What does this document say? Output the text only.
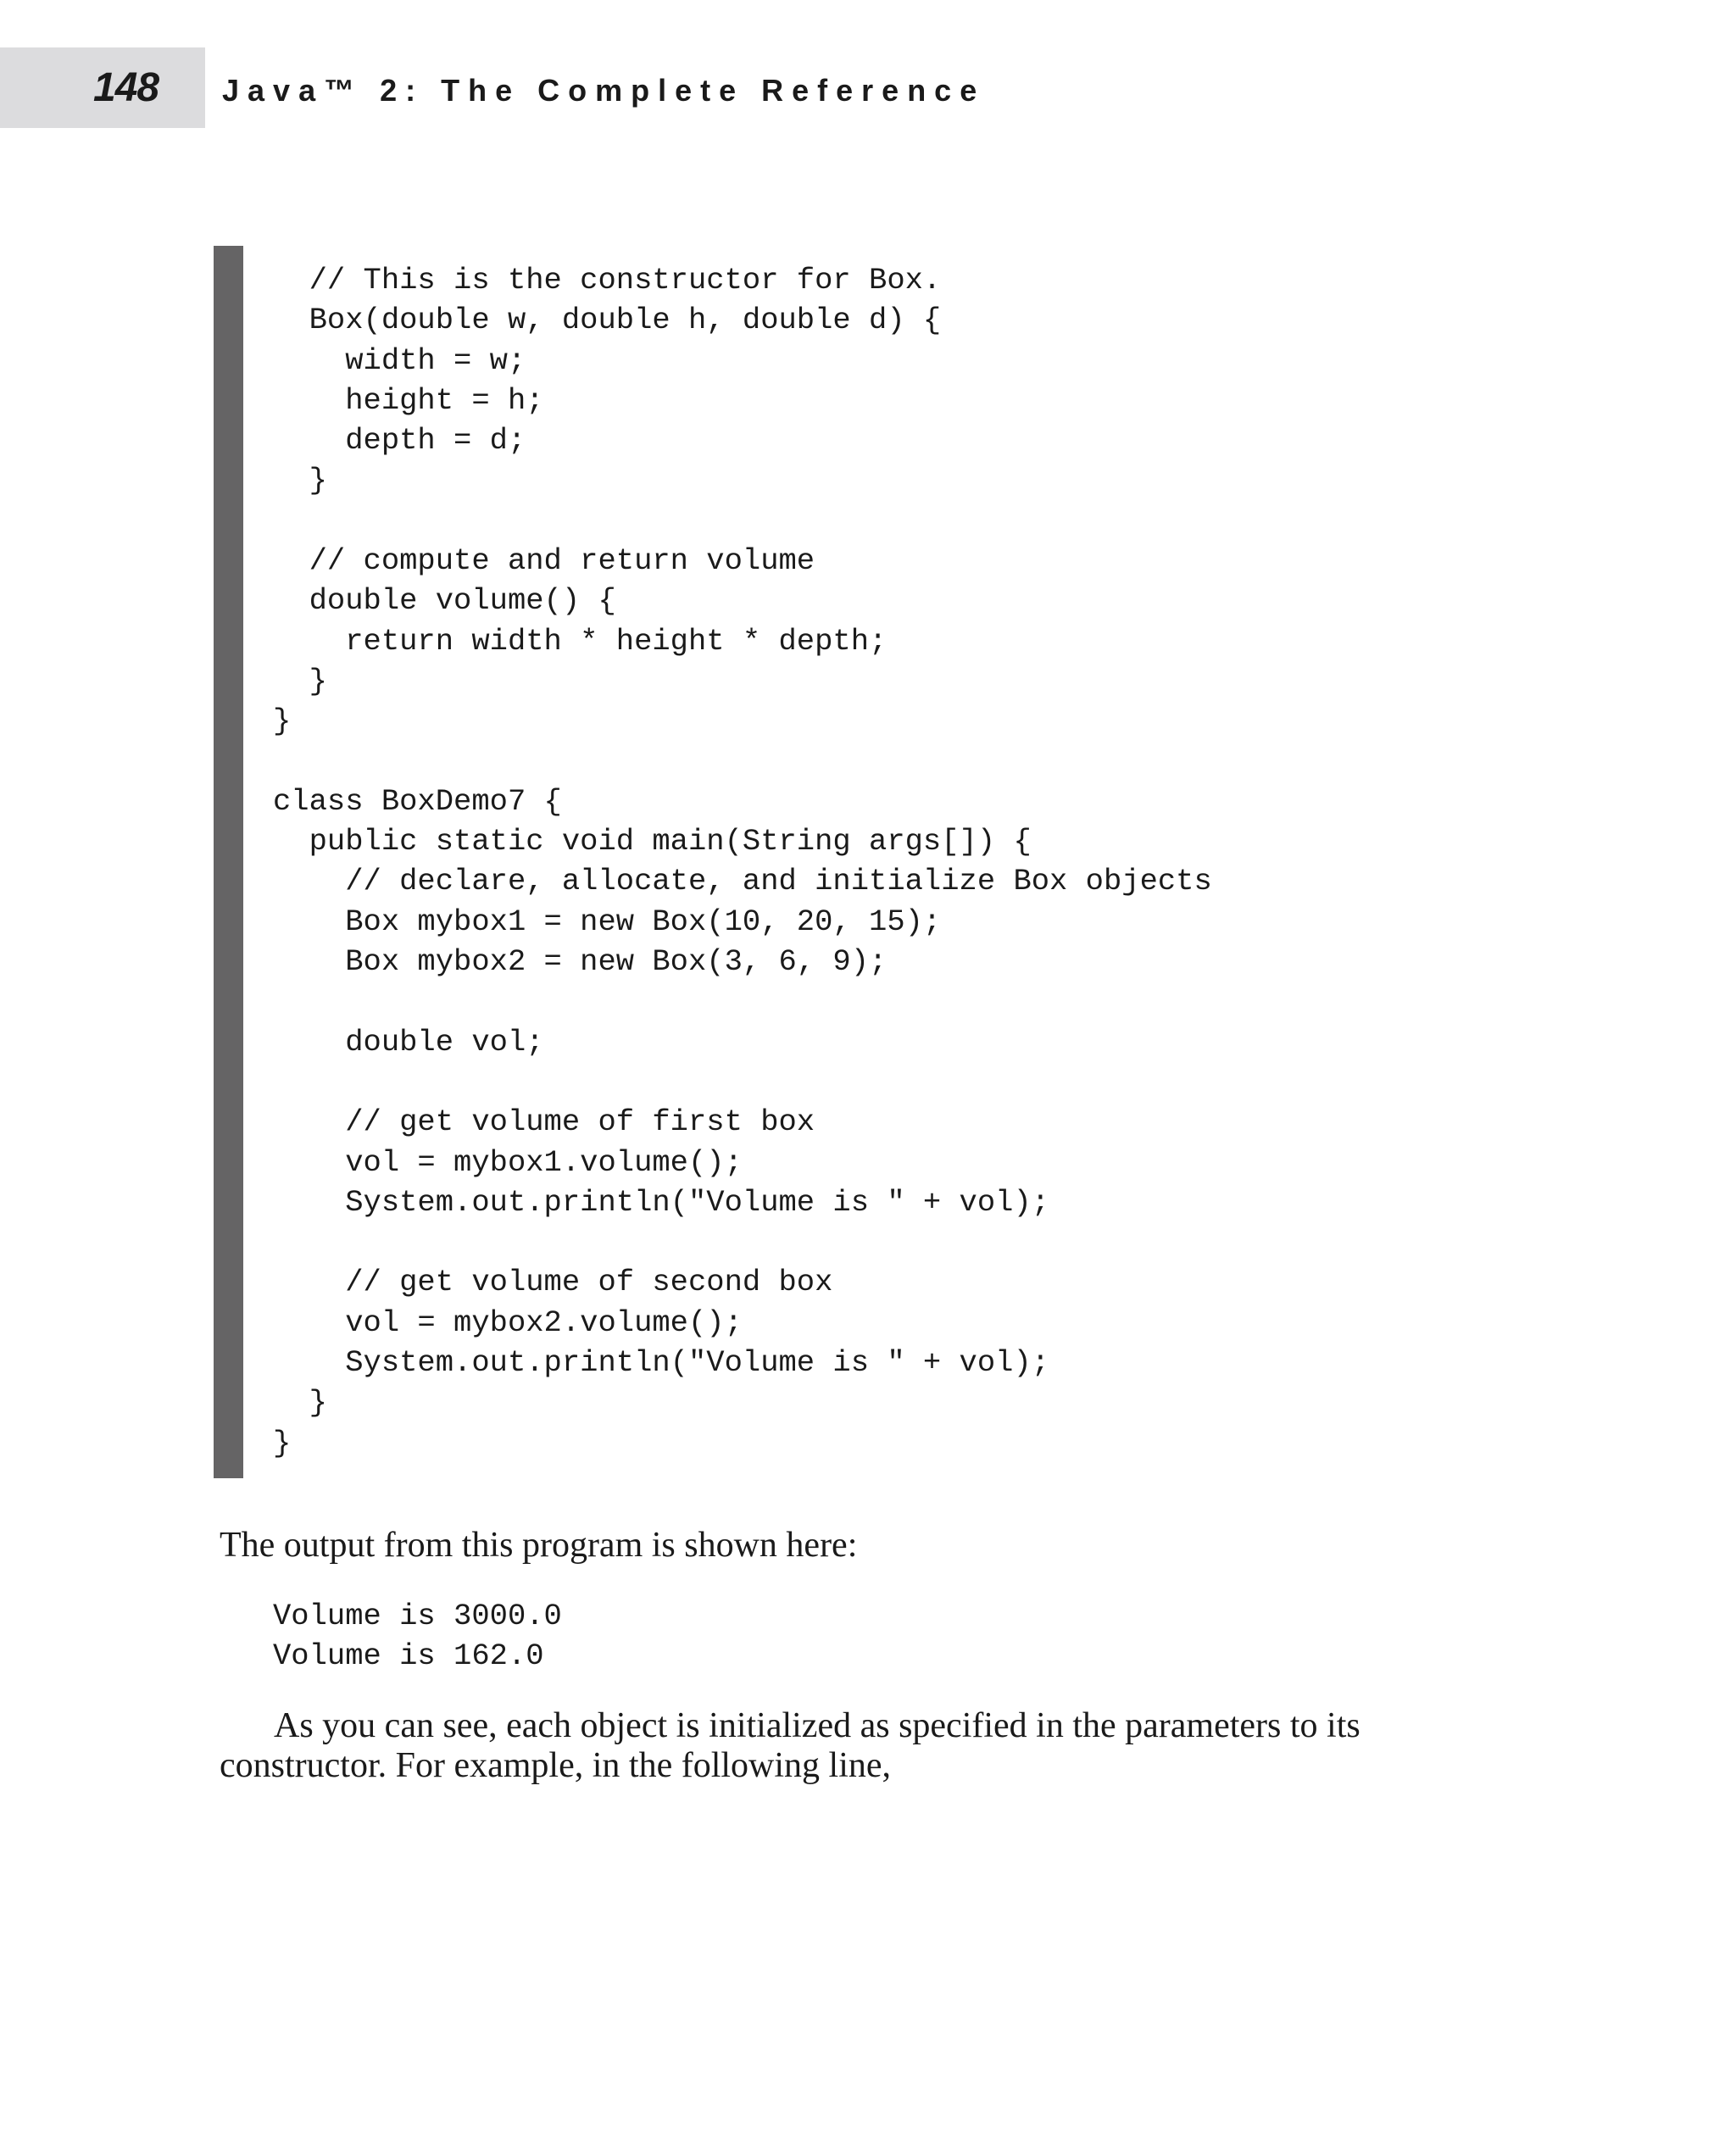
148 Java™ 2: The Complete Reference
// This is the constructor for Box.
Box(double w, double h, double d) {
width = w;
height = h;
depth = d;
}
// compute and return volume
double volume() {
return width * height * depth;
}
}
class BoxDemo7 {
public static void main(String args[]) {
// declare, allocate, and initialize Box objects
Box mybox1 = new Box(10, 20, 15);
Box mybox2 = new Box(3, 6, 9);
double vol;
// get volume of first box
vol = mybox1.volume();
System.out.println("Volume is " + vol);
// get volume of second box
vol = mybox2.volume();
System.out.println("Volume is " + vol);
}
}

The output from this program is shown here:

Volume is 3000.0
Volume is 162.0

As you can see, each object is initialized as specified in the parameters to its
constructor. For example, in the following line,
